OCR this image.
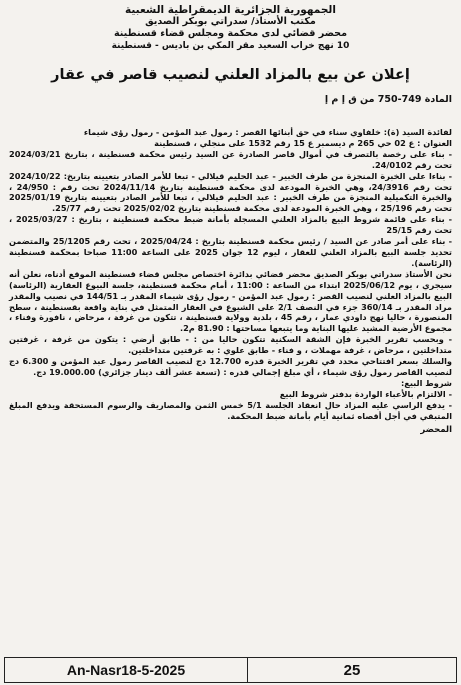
الجمهورية الجزائرية الديمقراطية الشعبية
مكتب الأستاذ/ سدراتي بوبكر الصديق
محضر قضائي لدى محكمة ومجلس قضاء قسنطينة
10 نهج خراب السعيد مقر المكي بن باديس - قسنطينة
إعلان عن بيع بالمزاد العلني لنصيب قاصر في عقار
المادة 749-750 من ق إ م إ

لفائدة السيد (ة): خلفاوي سناء في حق أبنائها القصر : رمول عبد المؤمن - رمول رؤى شيماء

العنوان : ع 02 حي 265 م ديسمبر ع 15 رقم 1532 على منجلي ، قسنطينة

- بناء على رخصة بالتصرف في أموال قاصر الصادرة عن السيد رئيس محكمة قسنطينة ، بتاريخ 2024/03/21 تحت رقم 24/0102.

- بناءا على الخبرة المنجزة من طرف الخبير - عبد الحليم قيلالي - تبعا للأمر الصادر بتعيينه بتاريخ: 2024/10/22 تحت رقم 24/3916، وهي الخبرة المودعة لدى محكمة قسنطينة بتاريخ 2024/11/14 تحت رقم : 24/950 ، والخبرة التكميلية المنجزة من طرف الخبير : عبد الحليم قيلالي ، تبعا للأمر الصادر بتعيينه بتاريخ 2025/01/19 تحت رقم 25/196 ، وهي الخبرة المودعة لدى محكمة قسنطينة بتاريخ 2025/02/02 تحت رقم 25/77.

- بناء على قائمة شروط البيع بالمزاد العلني المسجلة بأمانة ضبط محكمة قسنطينة ، بتاريخ : 2025/03/27 ، تحت رقم 25/15

- بناء على أمر صادر عن السيد / رئيس محكمة قسنطينة بتاريخ : 2025/04/24 ، تحت رقم 25/1205 والمتضمن تحديد جلسة البيع بالمزاد العلني للعقار ، ليوم 12 جوان 2025 على الساعة 11:00 صباحا بمحكمة قسنطينة (الرئاسة).

نحن الأستاذ سدراتي بوبكر الصديق محضر قضائي بدائرة اختصاص مجلس قضاء قسنطينة الموقع أدناه، نعلن أنه سيجري ، يوم 2025/06/12 ابتداء من الساعة : 11:00 ، أمام محكمة قسنطينة، جلسة البيوع العقارية (الرئاسة) البيع بالمزاد العلني لنصيب القصر : رمول عبد المؤمن - رمول رؤى شيماء المقدر بـ 144/51 في نصيب والمقدر مراد المقدر بـ 360/14 جزء في النصف 2/1 على الشيوع في العقار المتمثل في بناية واقعة بقسنطينة ، سطح المنصورة ، حاليا نهج داودي عمار ، رقم 45 ، بلدية وولاية قسنطينة ، تتكون من غرفة ، مرحاض ، نافورة وفناء ، مجموع الأرضية المشيد عليها البناية وما يتبعها مساحتها : 81.90 م2.

- وبحسب تقرير الخبرة فإن الشقة السكنية تتكون حاليا من : - طابق أرضي : يتكون من غرفة ، غرفتين متداخلتين ، مرحاض ، غرفة مهملات ، و فناء - طابق علوي : به غرفتين متداخلتين.

والسلك بسعر افتتاحي محدد في تقرير الخبرة قدره 12.700 دج لنصيب القاصر رمول عبد المؤمن و 6.300 دج لنصيب القاصر رمول رؤى شيماء ، أي مبلغ إجمالي قدره : (تسعة عشر ألف دينار جزائري) 19.000.00 دج.

شروط البيع:

- الالتزام بالأعباء الواردة بدفتر شروط البيع

- يدفع الراسي عليه المزاد حال انعقاد الجلسة 5/1 خمس الثمن والمصاريف والرسوم المستحقة ويدفع المبلغ المتبقي في أجل أقصاه ثمانية أيام بأمانة ضبط المحكمة.

المحضر
An-Nasr18-5-2025	25
